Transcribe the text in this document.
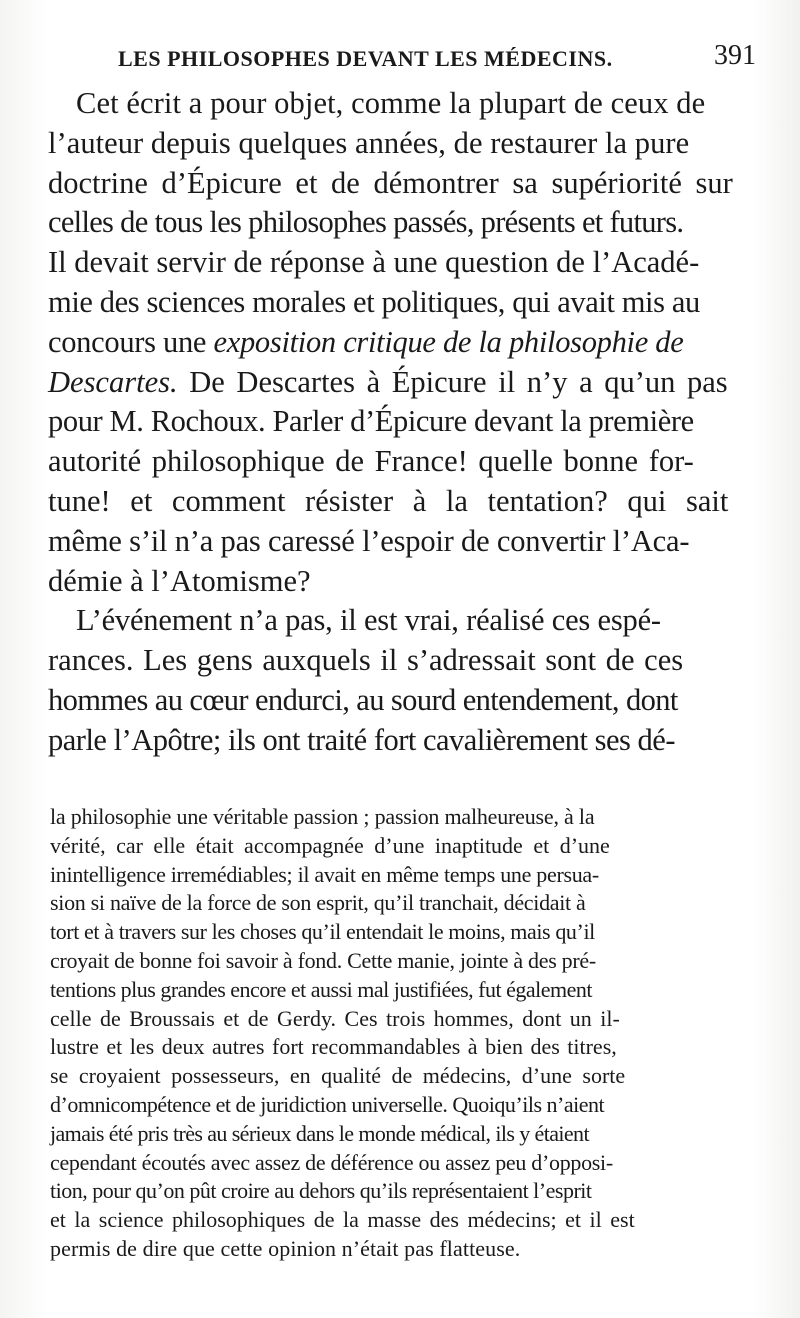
LES PHILOSOPHES DEVANT LES MÉDECINS.	391
Cet écrit a pour objet, comme la plupart de ceux de
l’auteur depuis quelques années, de restaurer la pure
doctrine d’Épicure et de démontrer sa supériorité sur
celles de tous les philosophes passés, présents et futurs.
Il devait servir de réponse à une question de l’Acadé-
mie des sciences morales et politiques, qui avait mis au
concours une exposition critique de la philosophie de
Descartes. De Descartes à Épicure il n’y a qu’un pas
pour M. Rochoux. Parler d’Épicure devant la première
autorité philosophique de France! quelle bonne for-
tune! et comment résister à la tentation? qui sait
même s’il n’a pas caressé l’espoir de convertir l’Aca-
démie à l’Atomisme?
L’événement n’a pas, il est vrai, réalisé ces espé-
rances. Les gens auxquels il s’adressait sont de ces
hommes au cœur endurci, au sourd entendement, dont
parle l’Apôtre; ils ont traité fort cavalièrement ses dé-
la philosophie une véritable passion ; passion malheureuse, à la
vérité, car elle était accompagnée d’une inaptitude et d’une
inintelligence irremédiables; il avait en même temps une persua-
sion si naïve de la force de son esprit, qu’il tranchait, décidait à
tort et à travers sur les choses qu’il entendait le moins, mais qu’il
croyait de bonne foi savoir à fond. Cette manie, jointe à des pré-
tentions plus grandes encore et aussi mal justifiées, fut également
celle de Broussais et de Gerdy. Ces trois hommes, dont un il-
lustre et les deux autres fort recommandables à bien des titres,
se croyaient possesseurs, en qualité de médecins, d’une sorte
d’omnicompétence et de juridiction universelle. Quoiqu’ils n’aient
jamais été pris très au sérieux dans le monde médical, ils y étaient
cependant écoutés avec assez de déférence ou assez peu d’opposi-
tion, pour qu’on pût croire au dehors qu’ils représentaient l’esprit
et la science philosophiques de la masse des médecins; et il est
permis de dire que cette opinion n’était pas flatteuse.
